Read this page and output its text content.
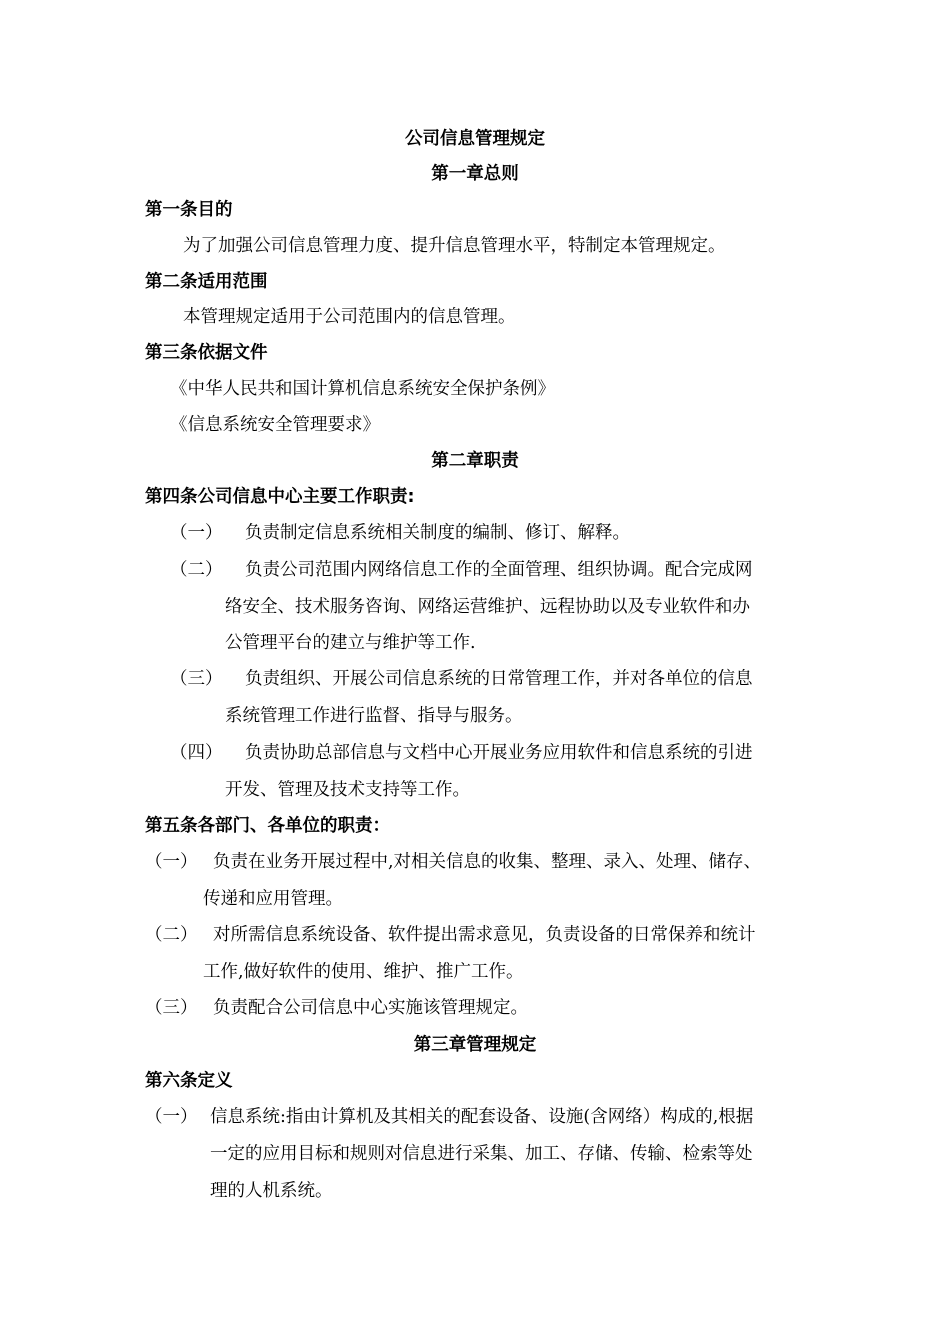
公司信息管理规定
第一章总则
第一条目的
为了加强公司信息管理力度、提升信息管理水平，特制定本管理规定。
第二条适用范围
本管理规定适用于公司范围内的信息管理。
第三条依据文件
《中华人民共和国计算机信息系统安全保护条例》
《信息系统安全管理要求》
第二章职责
第四条公司信息中心主要工作职责:
（一） 负责制定信息系统相关制度的编制、修订、解释。
（二） 负责公司范围内网络信息工作的全面管理、组织协调。配合完成网
络安全、技术服务咨询、网络运营维护、远程协助以及专业软件和办
公管理平台的建立与维护等工作.
（三） 负责组织、开展公司信息系统的日常管理工作，并对各单位的信息
系统管理工作进行监督、指导与服务。
（四） 负责协助总部信息与文档中心开展业务应用软件和信息系统的引进
开发、管理及技术支持等工作。
第五条各部门、各单位的职责：
（一） 负责在业务开展过程中,对相关信息的收集、整理、录入、处理、储存、
传递和应用管理。
（二） 对所需信息系统设备、软件提出需求意见，负责设备的日常保养和统计
工作,做好软件的使用、维护、推广工作。
（三） 负责配合公司信息中心实施该管理规定。
第三章管理规定
第六条定义
（一） 信息系统:指由计算机及其相关的配套设备、设施(含网络）构成的,根据
一定的应用目标和规则对信息进行采集、加工、存储、传输、检索等处
理的人机系统。
